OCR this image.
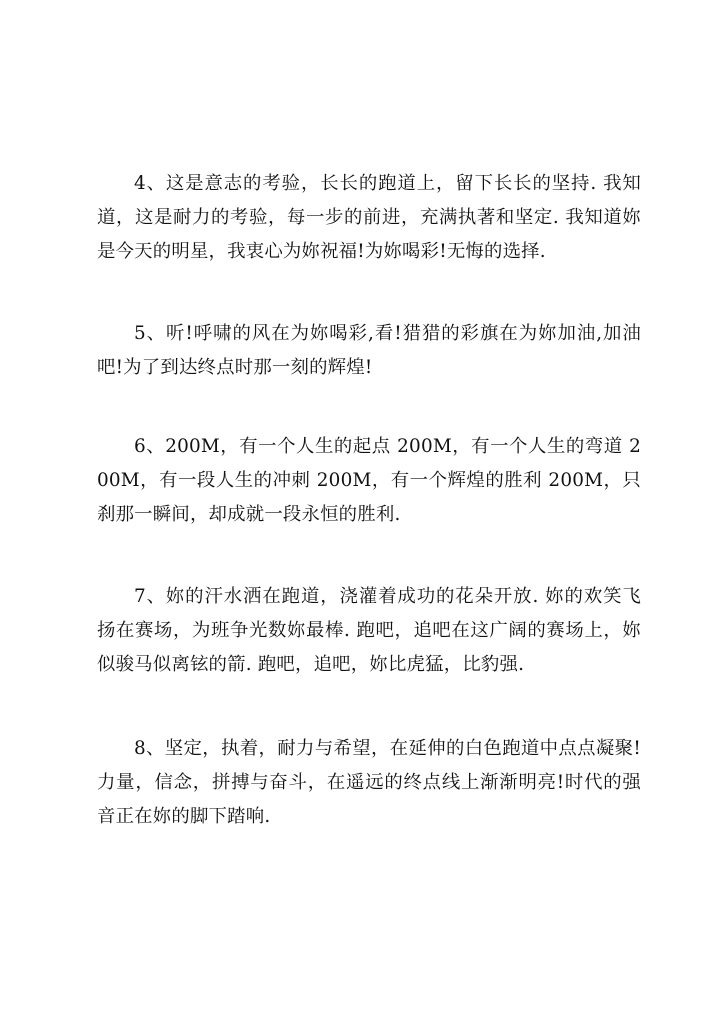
4、这是意志的考验，长长的跑道上，留下长长的坚持. 我知道，这是耐力的考验，每一步的前进，充满执著和坚定. 我知道妳是今天的明星，我衷心为妳祝福!为妳喝彩!无悔的选择.

5、听!呼啸的风在为妳喝彩,看!猎猎的彩旗在为妳加油,加油吧!为了到达终点时那一刻的辉煌!

6、200M，有一个人生的起点 200M，有一个人生的弯道 200M，有一段人生的冲刺 200M，有一个辉煌的胜利 200M，只刹那一瞬间，却成就一段永恒的胜利.

7、妳的汗水洒在跑道，浇灌着成功的花朵开放. 妳的欢笑飞扬在赛场，为班争光数妳最棒. 跑吧，追吧在这广阔的赛场上，妳似骏马似离铉的箭. 跑吧，追吧，妳比虎猛，比豹强.

8、坚定，执着，耐力与希望，在延伸的白色跑道中点点凝聚!力量，信念，拼搏与奋斗，在遥远的终点线上渐渐明亮!时代的强音正在妳的脚下踏响.
